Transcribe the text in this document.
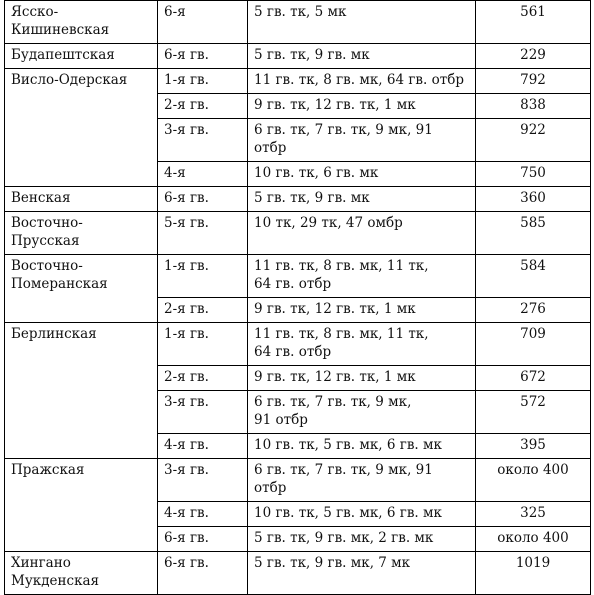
Ясско-
Кишиневская	6-я	5 гв. тк, 5 мк	561
Будапештская	6-я гв.	5 гв. тк, 9 гв. мк	229
Висло-Одерская	1-я гв.	11 гв. тк, 8 гв. мк, 64 гв. отбр	792
	2-я гв.	9 гв. тк, 12 гв. тк, 1 мк	838
	3-я гв.	6 гв. тк, 7 гв. тк, 9 мк, 91 отбр	922
	4-я	10 гв. тк, 6 гв. мк	750
Венская	6-я гв.	5 гв. тк, 9 гв. мк	360
Восточно-
Прусская	5-я гв.	10 тк, 29 тк, 47 омбр	585
Восточно-
Померанская	1-я гв.	11 гв. тк, 8 гв. мк, 11 тк,
64 гв. отбр	584
	2-я гв.	9 гв. тк, 12 гв. тк, 1 мк	276
Берлинская	1-я гв.	11 гв. тк, 8 гв. мк, 11 тк,
64 гв. отбр	709
	2-я гв.	9 гв. тк, 12 гв. тк, 1 мк	672
	3-я гв.	6 гв. тк, 7 гв. тк, 9 мк,
91 отбр	572
	4-я гв.	10 гв. тк, 5 гв. мк, 6 гв. мк	395
Пражская	3-я гв.	6 гв. тк, 7 гв. тк, 9 мк, 91 отбр	около 400
	4-я гв.	10 гв. тк, 5 гв. мк, 6 гв. мк	325
	6-я гв.	5 гв. тк, 9 гв. мк, 2 гв. мк	около 400
Хингано
Мукденская	6-я гв.	5 гв. тк, 9 гв. мк, 7 мк	1019
